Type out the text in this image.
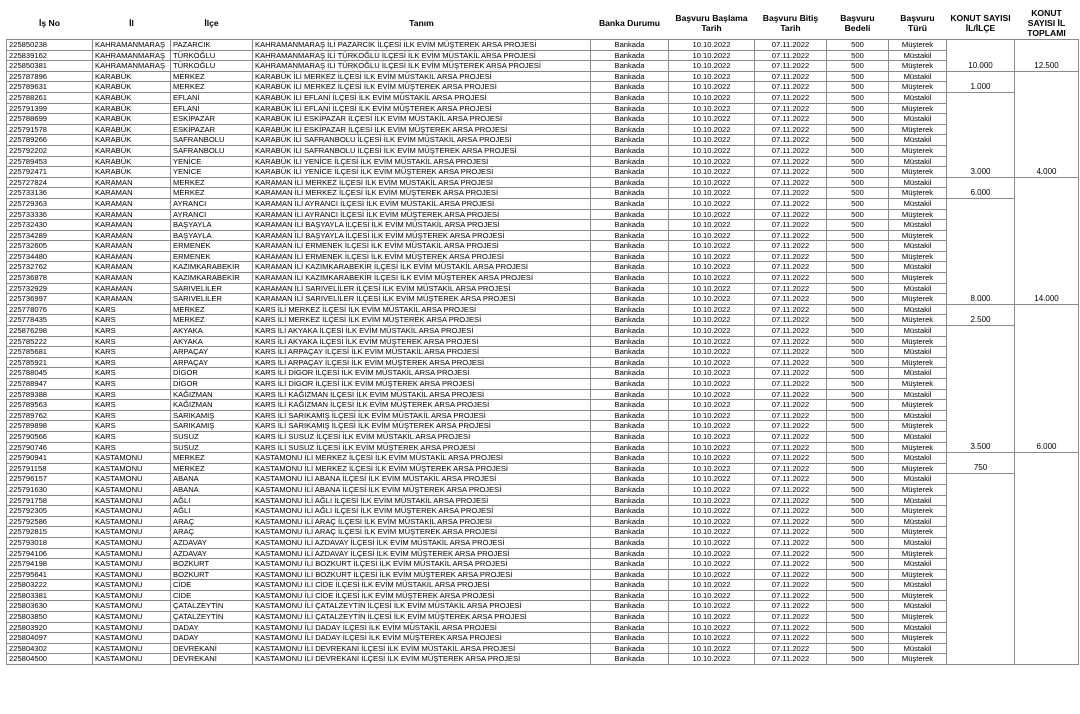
İş No	İl	İlçe	Tanım	Banka Durumu	Başvuru Başlama Tarih	Başvuru Bitiş Tarih	Başvuru Bedeli	Başvuru Türü	KONUT SAYISI İL/İLÇE	KONUT SAYISI İL TOPLAMI
225850238	KAHRAMANMARAŞ	PAZARCIK	KAHRAMANMARAŞ İLİ PAZARCIK İLÇESİ İLK EVİM MÜŞTEREK ARSA PROJESİ	Bankada	10.10.2022	07.11.2022	500	Müşterek	10.000	12.500
225839162	KAHRAMANMARAŞ	TÜRKOĞLU	KAHRAMANMARAŞ İLİ TÜRKOĞLU İLÇESİ İLK EVİM MÜSTAKİL ARSA PROJESİ	Bankada	10.10.2022	07.11.2022	500	Müstakil		
225850381	KAHRAMANMARAŞ	TÜRKOĞLU	KAHRAMANMARAŞ İLİ TÜRKOĞLU İLÇESİ İLK EVİM MÜŞTEREK ARSA PROJESİ	Bankada	10.10.2022	07.11.2022	500	Müşterek		
225787896	KARABÜK	MERKEZ	KARABÜK İLİ MERKEZ İLÇESİ İLK EVİM MÜSTAKİL ARSA PROJESİ	Bankada	10.10.2022	07.11.2022	500	Müstakil	1.000	4.000
225789631	KARABÜK	MERKEZ	KARABÜK İLİ MERKEZ İLÇESİ İLK EVİM MÜŞTEREK ARSA PROJESİ	Bankada	10.10.2022	07.11.2022	500	Müşterek		
225788261	KARABÜK	EFLANİ	KARABÜK İLİ EFLANİ İLÇESİ İLK EVİM MÜSTAKİL ARSA PROJESİ	Bankada	10.10.2022	07.11.2022	500	Müstakil	3.000	
225791399	KARABÜK	EFLANİ	KARABÜK İLİ EFLANİ İLÇESİ İLK EVİM MÜŞTEREK ARSA PROJESİ	Bankada	10.10.2022	07.11.2022	500	Müşterek		
225788699	KARABÜK	ESKİPAZAR	KARABÜK İLİ ESKİPAZAR İLÇESİ İLK EVİM MÜSTAKİL ARSA PROJESİ	Bankada	10.10.2022	07.11.2022	500	Müstakil		
225791578	KARABÜK	ESKİPAZAR	KARABÜK İLİ ESKİPAZAR İLÇESİ İLK EVİM MÜŞTEREK ARSA PROJESİ	Bankada	10.10.2022	07.11.2022	500	Müşterek		
225789266	KARABÜK	SAFRANBOLU	KARABÜK İLİ SAFRANBOLU İLÇESİ İLK EVİM MÜSTAKİL ARSA PROJESİ	Bankada	10.10.2022	07.11.2022	500	Müstakil		
225792202	KARABÜK	SAFRANBOLU	KARABÜK İLİ SAFRANBOLU İLÇESİ İLK EVİM MÜŞTEREK ARSA PROJESİ	Bankada	10.10.2022	07.11.2022	500	Müşterek		
225789453	KARABÜK	YENİCE	KARABÜK İLİ YENİCE İLÇESİ İLK EVİM MÜSTAKİL ARSA PROJESİ	Bankada	10.10.2022	07.11.2022	500	Müstakil		
225792471	KARABÜK	YENİCE	KARABÜK İLİ YENİCE İLÇESİ İLK EVİM MÜŞTEREK ARSA PROJESİ	Bankada	10.10.2022	07.11.2022	500	Müşterek		
225727824	KARAMAN	MERKEZ	KARAMAN İLİ MERKEZ İLÇESİ İLK EVİM MÜSTAKİL ARSA PROJESİ	Bankada	10.10.2022	07.11.2022	500	Müstakil	6.000	14.000
225733136	KARAMAN	MERKEZ	KARAMAN İLİ MERKEZ İLÇESİ İLK EVİM MÜŞTEREK ARSA PROJESİ	Bankada	10.10.2022	07.11.2022	500	Müşterek		
225729363	KARAMAN	AYRANCI	KARAMAN İLİ AYRANCI İLÇESİ İLK EVİM MÜSTAKİL ARSA PROJESİ	Bankada	10.10.2022	07.11.2022	500	Müstakil	8.000	
225733336	KARAMAN	AYRANCI	KARAMAN İLİ AYRANCI İLÇESİ İLK EVİM MÜŞTEREK ARSA PROJESİ	Bankada	10.10.2022	07.11.2022	500	Müşterek		
225732430	KARAMAN	BAŞYAYLA	KARAMAN İLİ BAŞYAYLA İLÇESİ İLK EVİM MÜSTAKİL ARSA PROJESİ	Bankada	10.10.2022	07.11.2022	500	Müstakil		
225734289	KARAMAN	BAŞYAYLA	KARAMAN İLİ BAŞYAYLA İLÇESİ İLK EVİM MÜŞTEREK ARSA PROJESİ	Bankada	10.10.2022	07.11.2022	500	Müşterek		
225732605	KARAMAN	ERMENEK	KARAMAN İLİ ERMENEK İLÇESİ İLK EVİM MÜSTAKİL ARSA PROJESİ	Bankada	10.10.2022	07.11.2022	500	Müstakil		
225734480	KARAMAN	ERMENEK	KARAMAN İLİ ERMENEK İLÇESİ İLK EVİM MÜŞTEREK ARSA PROJESİ	Bankada	10.10.2022	07.11.2022	500	Müşterek		
225732762	KARAMAN	KAZIMKARABEKİR	KARAMAN İLİ KAZIMKARABEKİR İLÇESİ İLK EVİM MÜSTAKİL ARSA PROJESİ	Bankada	10.10.2022	07.11.2022	500	Müstakil		
225736878	KARAMAN	KAZIMKARABEKİR	KARAMAN İLİ KAZIMKARABEKİR İLÇESİ İLK EVİM MÜŞTEREK ARSA PROJESİ	Bankada	10.10.2022	07.11.2022	500	Müşterek		
225732929	KARAMAN	SARIVELİLER	KARAMAN İLİ SARIVELİLER İLÇESİ İLK EVİM MÜSTAKİL ARSA PROJESİ	Bankada	10.10.2022	07.11.2022	500	Müstakil		
225736997	KARAMAN	SARIVELİLER	KARAMAN İLİ SARIVELİLER İLÇESİ İLK EVİM MÜŞTEREK ARSA PROJESİ	Bankada	10.10.2022	07.11.2022	500	Müşterek		
225778076	KARS	MERKEZ	KARS İLİ MERKEZ İLÇESİ İLK EVİM MÜSTAKİL ARSA PROJESİ	Bankada	10.10.2022	07.11.2022	500	Müstakil	2.500	6.000
225778435	KARS	MERKEZ	KARS İLİ MERKEZ İLÇESİ İLK EVİM MÜŞTEREK ARSA PROJESİ	Bankada	10.10.2022	07.11.2022	500	Müşterek		
225876298	KARS	AKYAKA	KARS İLİ AKYAKA İLÇESİ İLK EVİM MÜSTAKİL ARSA PROJESİ	Bankada	10.10.2022	07.11.2022	500	Müstakil	3.500	
225785222	KARS	AKYAKA	KARS İLİ AKYAKA İLÇESİ İLK EVİM MÜŞTEREK ARSA PROJESİ	Bankada	10.10.2022	07.11.2022	500	Müşterek		
225785681	KARS	ARPAÇAY	KARS İLİ ARPAÇAY İLÇESİ İLK EVİM MÜSTAKİL ARSA PROJESİ	Bankada	10.10.2022	07.11.2022	500	Müstakil		
225785921	KARS	ARPAÇAY	KARS İLİ ARPAÇAY İLÇESİ İLK EVİM MÜŞTEREK ARSA PROJESİ	Bankada	10.10.2022	07.11.2022	500	Müşterek		
225788045	KARS	DİGOR	KARS İLİ DİGOR İLÇESİ İLK EVİM MÜSTAKİL ARSA PROJESİ	Bankada	10.10.2022	07.11.2022	500	Müstakil		
225788947	KARS	DİGOR	KARS İLİ DİGOR İLÇESİ İLK EVİM MÜŞTEREK ARSA PROJESİ	Bankada	10.10.2022	07.11.2022	500	Müşterek		
225789388	KARS	KAĞIZMAN	KARS İLİ KAĞIZMAN İLÇESİ İLK EVİM MÜSTAKİL ARSA PROJESİ	Bankada	10.10.2022	07.11.2022	500	Müstakil		
225789563	KARS	KAĞIZMAN	KARS İLİ KAĞIZMAN İLÇESİ İLK EVİM MÜŞTEREK ARSA PROJESİ	Bankada	10.10.2022	07.11.2022	500	Müşterek		
225789762	KARS	SARIKAMIŞ	KARS İLİ SARIKAMIŞ İLÇESİ İLK EVİM MÜSTAKİL ARSA PROJESİ	Bankada	10.10.2022	07.11.2022	500	Müstakil		
225789898	KARS	SARIKAMIŞ	KARS İLİ SARIKAMIŞ İLÇESİ İLK EVİM MÜŞTEREK ARSA PROJESİ	Bankada	10.10.2022	07.11.2022	500	Müşterek		
225790566	KARS	SUSUZ	KARS İLİ SUSUZ İLÇESİ İLK EVİM MÜSTAKİL ARSA PROJESİ	Bankada	10.10.2022	07.11.2022	500	Müstakil		
225790746	KARS	SUSUZ	KARS İLİ SUSUZ İLÇESİ İLK EVİM MÜŞTEREK ARSA PROJESİ	Bankada	10.10.2022	07.11.2022	500	Müşterek		
225790941	KASTAMONU	MERKEZ	KASTAMONU İLİ MERKEZ İLÇESİ İLK EVİM MÜSTAKİL ARSA PROJESİ	Bankada	10.10.2022	07.11.2022	500	Müstakil	750	
225791158	KASTAMONU	MERKEZ	KASTAMONU İLİ MERKEZ İLÇESİ İLK EVİM MÜŞTEREK ARSA PROJESİ	Bankada	10.10.2022	07.11.2022	500	Müşterek		
225796157	KASTAMONU	ABANA	KASTAMONU İLİ ABANA İLÇESİ İLK EVİM MÜSTAKİL ARSA PROJESİ	Bankada	10.10.2022	07.11.2022	500	Müstakil		
225791630	KASTAMONU	ABANA	KASTAMONU İLİ ABANA İLÇESİ İLK EVİM MÜŞTEREK ARSA PROJESİ	Bankada	10.10.2022	07.11.2022	500	Müşterek		
225791758	KASTAMONU	AĞLI	KASTAMONU İLİ AĞLI İLÇESİ İLK EVİM MÜSTAKİL ARSA PROJESİ	Bankada	10.10.2022	07.11.2022	500	Müstakil		
225792305	KASTAMONU	AĞLI	KASTAMONU İLİ AĞLI İLÇESİ İLK EVİM MÜŞTEREK ARSA PROJESİ	Bankada	10.10.2022	07.11.2022	500	Müşterek		
225792586	KASTAMONU	ARAÇ	KASTAMONU İLİ ARAÇ İLÇESİ İLK EVİM MÜSTAKİL ARSA PROJESİ	Bankada	10.10.2022	07.11.2022	500	Müstakil		
225792815	KASTAMONU	ARAÇ	KASTAMONU İLİ ARAÇ İLÇESİ İLK EVİM MÜŞTEREK ARSA PROJESİ	Bankada	10.10.2022	07.11.2022	500	Müşterek		
225793018	KASTAMONU	AZDAVAY	KASTAMONU İLİ AZDAVAY İLÇESİ İLK EVİM MÜSTAKİL ARSA PROJESİ	Bankada	10.10.2022	07.11.2022	500	Müstakil		
225794106	KASTAMONU	AZDAVAY	KASTAMONU İLİ AZDAVAY İLÇESİ İLK EVİM MÜŞTEREK ARSA PROJESİ	Bankada	10.10.2022	07.11.2022	500	Müşterek		
225794198	KASTAMONU	BOZKURT	KASTAMONU İLİ BOZKURT İLÇESİ İLK EVİM MÜSTAKİL ARSA PROJESİ	Bankada	10.10.2022	07.11.2022	500	Müstakil		
225795641	KASTAMONU	BOZKURT	KASTAMONU İLİ BOZKURT İLÇESİ İLK EVİM MÜŞTEREK ARSA PROJESİ	Bankada	10.10.2022	07.11.2022	500	Müşterek		
225803222	KASTAMONU	CİDE	KASTAMONU İLİ CİDE İLÇESİ İLK EVİM MÜSTAKİL ARSA PROJESİ	Bankada	10.10.2022	07.11.2022	500	Müstakil		
225803381	KASTAMONU	CİDE	KASTAMONU İLİ CİDE İLÇESİ İLK EVİM MÜŞTEREK ARSA PROJESİ	Bankada	10.10.2022	07.11.2022	500	Müşterek		
225803630	KASTAMONU	ÇATALZEYTİN	KASTAMONU İLİ ÇATALZEYTİN İLÇESİ İLK EVİM MÜSTAKİL ARSA PROJESİ	Bankada	10.10.2022	07.11.2022	500	Müstakil		
225803850	KASTAMONU	ÇATALZEYTİN	KASTAMONU İLİ ÇATALZEYTİN İLÇESİ İLK EVİM MÜŞTEREK ARSA PROJESİ	Bankada	10.10.2022	07.11.2022	500	Müşterek		
225803920	KASTAMONU	DADAY	KASTAMONU İLİ DADAY İLÇESİ İLK EVİM MÜSTAKİL ARSA PROJESİ	Bankada	10.10.2022	07.11.2022	500	Müstakil		
225804097	KASTAMONU	DADAY	KASTAMONU İLİ DADAY İLÇESİ İLK EVİM MÜŞTEREK ARSA PROJESİ	Bankada	10.10.2022	07.11.2022	500	Müşterek		
225804302	KASTAMONU	DEVREKANİ	KASTAMONU İLİ DEVREKANİ İLÇESİ İLK EVİM MÜSTAKİL ARSA PROJESİ	Bankada	10.10.2022	07.11.2022	500	Müstakil		
225804500	KASTAMONU	DEVREKANİ	KASTAMONU İLİ DEVREKANİ İLÇESİ İLK EVİM MÜŞTEREK ARSA PROJESİ	Bankada	10.10.2022	07.11.2022	500	Müşterek		
